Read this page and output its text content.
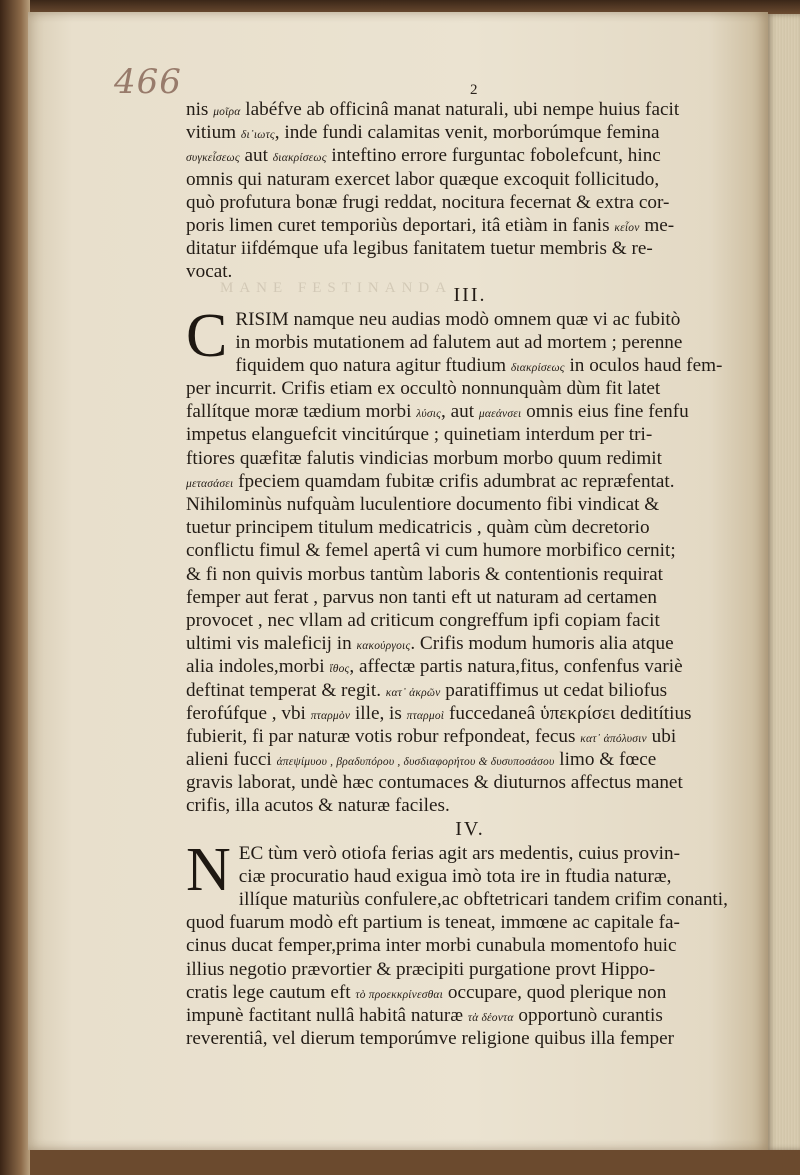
MANE FESTINANDA
466	2
nis μοῖρα labéfve ab officinâ manat naturali, ubi nempe huius facit
vitium δι᾽ιωτς, inde fundi calamitas venit, morborúmque femina
συγκεἶσεως aut διακρίσεως inteftino errore furguntac fobolefcunt, hinc
omnis qui naturam exercet labor quæque excoquit follicitudo,
quò profutura bonæ frugi reddat, nocitura fecernat & extra cor-
poris limen curet temporiùs deportari, itâ etiàm in fanis κεἶον me-
ditatur iifdémque ufa legibus fanitatem tuetur membris & re-
vocat.
III.
C RISIM namque neu audias modò omnem quæ vi ac fubitò
in morbis mutationem ad falutem aut ad mortem ; perenne
fiquidem quo natura agitur ftudium διακρίσεως in oculos haud fem-
per incurrit. Crifis etiam ex occultò nonnunquàm dùm fit latet
fallítque moræ tædium morbi λύσις, aut μαεάνσει omnis eius fine fenfu
impetus elanguefcit vincitúrque ; quinetiam interdum per tri-
ftiores quæfitæ falutis vindicias morbum morbo quum redimit
μετασάσει fpeciem quamdam fubitæ crifis adumbrat ac repræfentat.
Nihilominùs nufquàm luculentiore documento fibi vindicat &
tuetur principem titulum medicatricis , quàm cùm decretorio
conflictu fimul & femel apertâ vi cum humore morbifico cernit;
& fi non quivis morbus tantùm laboris & contentionis requirat
femper aut ferat , parvus non tanti eft ut naturam ad certamen
provocet , nec vllam ad criticum congreffum ipfi copiam facit
ultimi vis maleficij in κακούργοις. Crifis modum humoris alia atque
alia indoles,morbi ἴθος, affectæ partis natura,fitus, confenfus variè
deftinat temperat & regit. κατ᾽ ἀκρῶν paratiffimus ut cedat biliofus
ferofúfque , vbi πταρμὸν ille, is πταρμοὶ fuccedaneâ ὑπεκρίσει deditítius
fubierit, fi par naturæ votis robur refpondeat, fecus κατ᾽ ἀπόλυσιν ubi
alieni fucci ἀπεψίμυου , βραδυπόρου , δυσδιαφορήτου & δυσυποσάσου limo & fœce
gravis laborat, undè hæc contumaces & diuturnos affectus manet
crifis, illa acutos & naturæ faciles.
IV.
N EC tùm verò otiofa ferias agit ars medentis, cuius provin-
ciæ procuratio haud exigua imò tota ire in ftudia naturæ,
illíque maturiùs confulere,ac obftetricari tandem crifim conanti,
quod fuarum modò eft partium is teneat, immœne ac capitale fa-
cinus ducat femper,prima inter morbi cunabula momentofo huic
illius negotio prævortier & præcipiti purgatione provt Hippo-
cratis lege cautum eft τὸ προεκκρίνεσθαι occupare, quod plerique non
impunè factitant nullâ habitâ naturæ τὰ δέοντα opportunò curantis
reverentiâ, vel dierum temporúmve religione quibus illa femper
